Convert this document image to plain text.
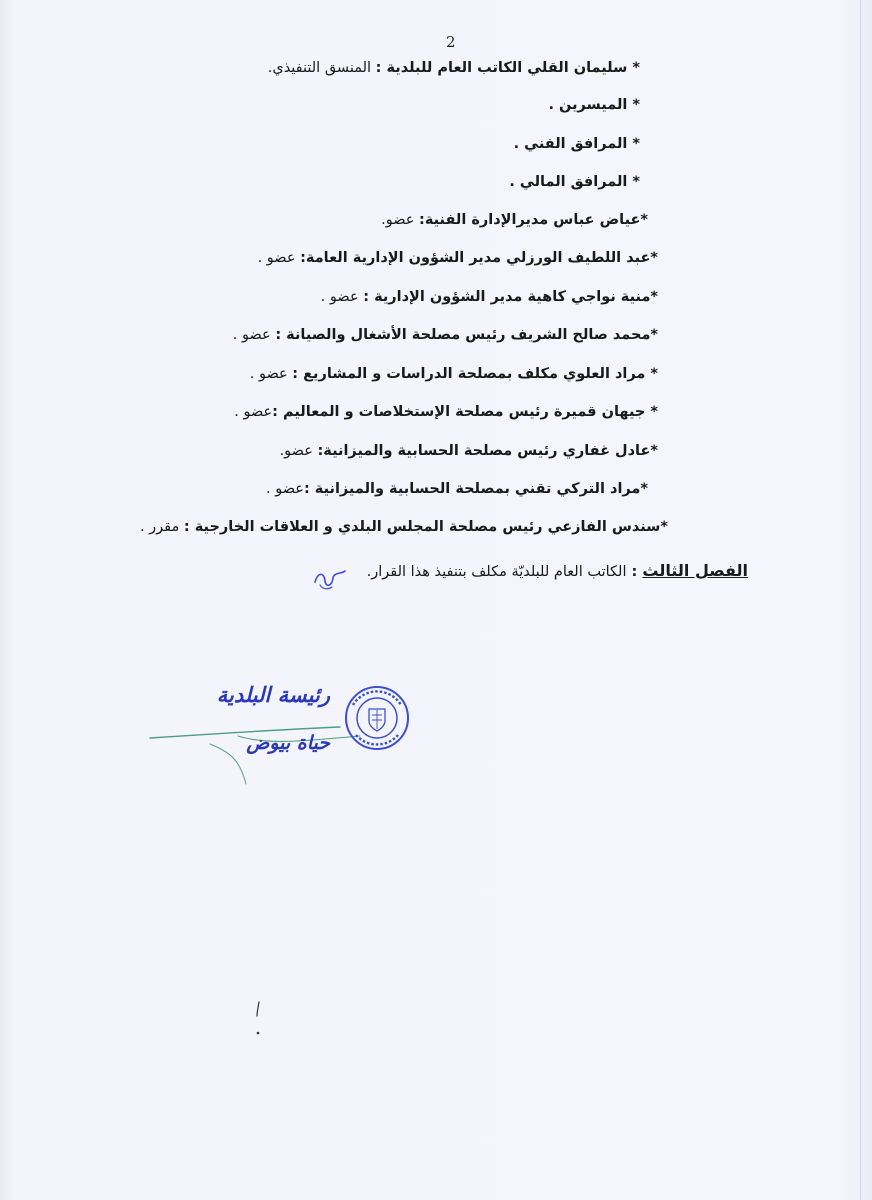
2
* سليمان القلي الكاتب العام للبلدية : المنسق التنفيذي.
* الميسرين .
* المرافق الفني .
* المرافق المالي .
*عياض عباس مديرالإدارة الفنية: عضو.
*عبد اللطيف الورزلي مدير الشؤون الإدارية العامة: عضو .
*منية نواجي كاهية مدير الشؤون الإدارية : عضو .
*محمد صالح الشريف رئيس مصلحة الأشغال والصيانة : عضو .
* مراد العلوي مكلف بمصلحة الدراسات و المشاريع : عضو .
* جيهان قميرة رئيس مصلحة الإستخلاصات و المعاليم :عضو .
*عادل غفاري رئيس مصلحة الحسابية والميزانية: عضو.
*مراد التركي تقني بمصلحة الحسابية والميزانية :عضو .
*سندس الفازعي رئيس مصلحة المجلس البلدي و العلاقات الخارجية : مقرر .
الفصل الثالث : الكاتب العام للبلديّة مكلف بتنفيذ هذا القرار.
رئيسة البلدية
حياة بيوض
